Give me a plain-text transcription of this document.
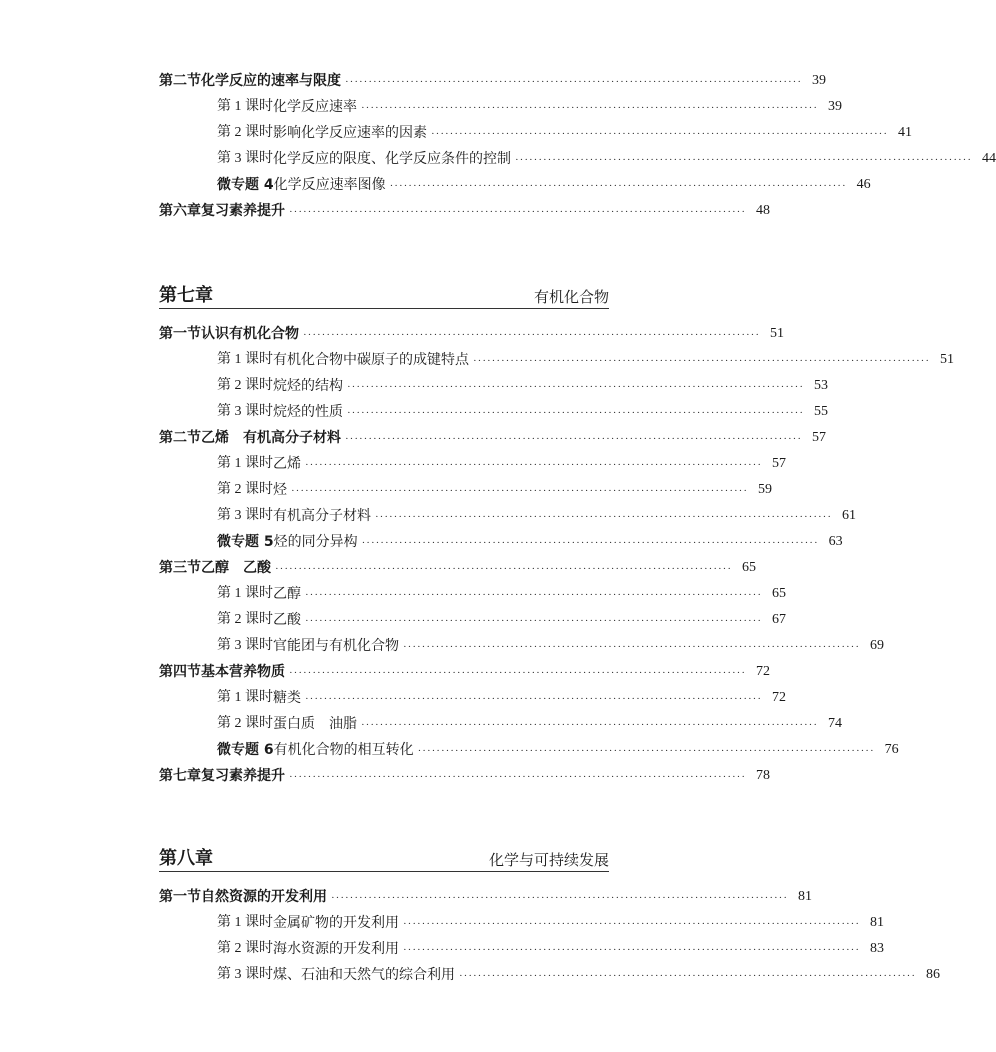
第二节 化学反应的速率与限度 ·································································································· 39
第 1 课时 化学反应速率 ·································································································· 39
第 2 课时 影响化学反应速率的因素 ·································································································· 41
第 3 课时 化学反应的限度、化学反应条件的控制 ·································································································· 44
微专题 4 化学反应速率图像 ·································································································· 46
第六章复习 素养提升 ·································································································· 48
第七章	有机化合物
第一节 认识有机化合物 ·································································································· 51
第 1 课时 有机化合物中碳原子的成键特点 ·································································································· 51
第 2 课时 烷烃的结构 ·································································································· 53
第 3 课时 烷烃的性质 ·································································································· 55
第二节 乙烯　有机高分子材料 ·································································································· 57
第 1 课时 乙烯 ·································································································· 57
第 2 课时 烃 ·································································································· 59
第 3 课时 有机高分子材料 ·································································································· 61
微专题 5 烃的同分异构 ·································································································· 63
第三节 乙醇　乙酸 ·································································································· 65
第 1 课时 乙醇 ·································································································· 65
第 2 课时 乙酸 ·································································································· 67
第 3 课时 官能团与有机化合物 ·································································································· 69
第四节 基本营养物质 ·································································································· 72
第 1 课时 糖类 ·································································································· 72
第 2 课时 蛋白质　油脂 ·································································································· 74
微专题 6 有机化合物的相互转化 ·································································································· 76
第七章复习 素养提升 ·································································································· 78
第八章	化学与可持续发展
第一节 自然资源的开发利用 ·································································································· 81
第 1 课时 金属矿物的开发利用 ·································································································· 81
第 2 课时 海水资源的开发利用 ·································································································· 83
第 3 课时 煤、石油和天然气的综合利用 ·································································································· 86
